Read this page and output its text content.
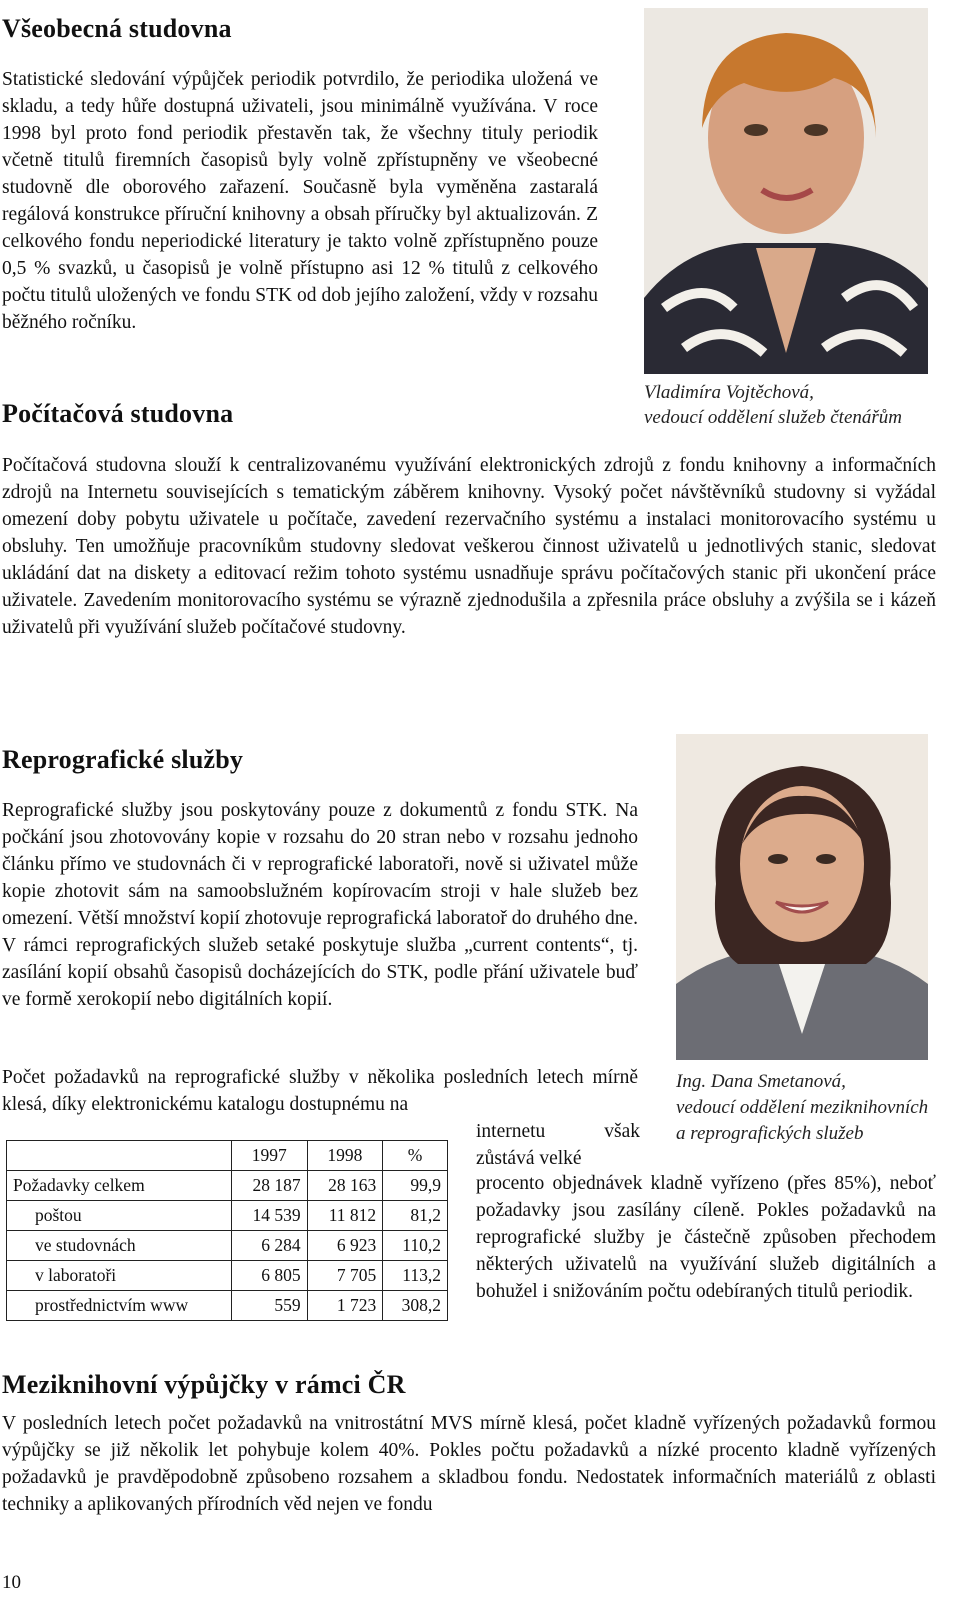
Všeobecná studovna

Statistické sledování výpůjček periodik potvrdilo, že periodika uložená ve skladu, a tedy hůře dostupná uživateli, jsou minimálně využívána. V roce 1998 byl proto fond periodik přestavěn tak, že všechny tituly periodik včetně titulů firemních časopisů byly volně zpřístupněny ve všeobecné studovně dle oborového zařazení. Současně byla vyměněna zastaralá regálová konstrukce příruční knihovny a obsah příručky byl aktualizován. Z celkového fondu neperiodické literatury je takto volně zpřístupněno pouze 0,5 % svazků, u časopisů je volně přístupno asi 12 % titulů z celkového počtu titulů uložených ve fondu STK od dob jejího založení, vždy v rozsahu běžného ročníku.

Vladimíra Vojtěchová,
vedoucí oddělení služeb čtenářům
Počítačová studovna

Počítačová studovna slouží k centralizovanému využívání elektronických zdrojů z fondu knihovny a informačních zdrojů na Internetu souvisejících s tematickým záběrem knihovny. Vysoký počet návštěvníků studovny si vyžádal omezení doby pobytu uživatele u počítače, zavedení rezervačního systému a instalaci monitorovacího systému u obsluhy. Ten umožňuje pracovníkům studovny sledovat veškerou činnost uživatelů u jednotlivých stanic, sledovat ukládání dat na diskety a editovací režim tohoto systému usnadňuje správu počítačových stanic při ukončení práce uživatele. Zavedením monitorovacího systému se výrazně zjednodušila a zpřesnila práce obsluhy a zvýšila se i kázeň uživatelů při využívání služeb počítačové studovny.

Reprografické služby

Reprografické služby jsou poskytovány pouze z dokumentů z fondu STK. Na počkání jsou zhotovovány kopie v rozsahu do 20 stran nebo v rozsahu jednoho článku přímo ve studovnách či v reprografické laboratoři, nově si uživatel může kopie zhotovit sám na samoobslužném kopírovacím stroji v hale služeb bez omezení. Větší množství kopií zhotovuje reprografická laboratoř do druhého dne. V rámci reprografických služeb setaké poskytuje služba „current contents“, tj. zasílání kopií obsahů časopisů docházejících do STK, podle přání uživatele buď ve formě xerokopií nebo digitálních kopií.

Počet požadavků na reprografické služby v několika posledních letech mírně klesá, díky elektronickému katalogu dostupnému na

internetu však zůstává velké

procento objednávek kladně vyřízeno (přes 85%), neboť požadavky jsou zasílány cíleně. Pokles požadavků na reprografické služby je částečně způsoben přechodem některých uživatelů na využívání služeb digitálních a bohužel i snižováním počtu odebíraných titulů periodik.

Ing. Dana Smetanová,
vedoucí oddělení meziknihovních
a reprografických služeb
	1997	1998	%
Požadavky celkem	28 187	28 163	99,9
poštou	14 539	11 812	81,2
ve studovnách	6 284	6 923	110,2
v laboratoři	6 805	7 705	113,2
prostřednictvím www	559	1 723	308,2
Meziknihovní výpůjčky v rámci ČR

V posledních letech počet požadavků na vnitrostátní MVS mírně klesá, počet kladně vyřízených požadavků formou výpůjčky se již několik let pohybuje kolem 40%. Pokles počtu požadavků a nízké procento kladně vyřízených požadavků je pravděpodobně způsobeno rozsahem a skladbou fondu. Nedostatek informačních materiálů z oblasti techniky a aplikovaných přírodních věd nejen ve fondu

10
